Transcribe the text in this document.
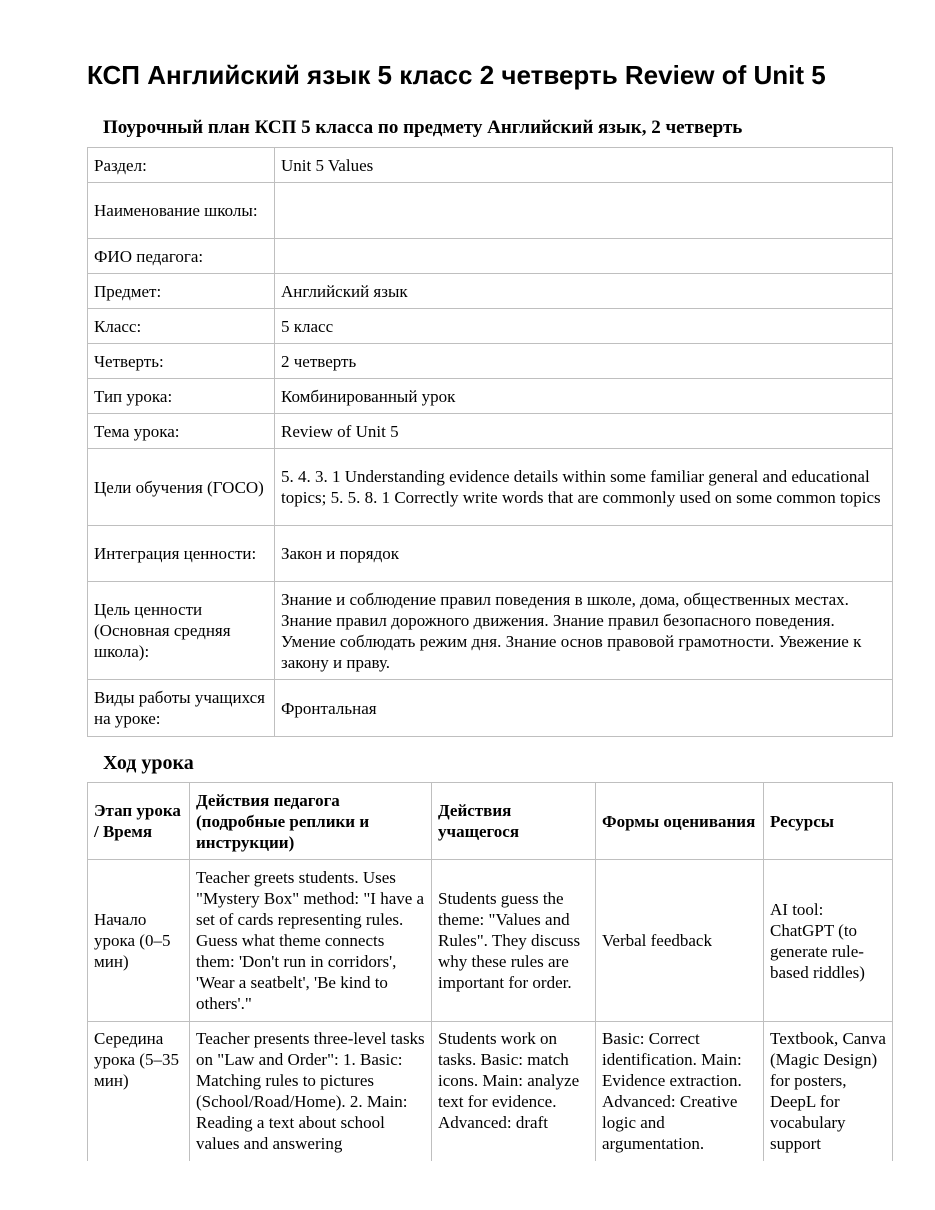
КСП Английский язык 5 класс 2 четверть Review of Unit 5
Поурочный план КСП 5 класса по предмету Английский язык, 2 четверть
Раздел:	Unit 5 Values
Наименование школы:	
ФИО педагога:	
Предмет:	Английский язык
Класс:	5 класс
Четверть:	2 четверть
Тип урока:	Комбинированный урок
Тема урока:	Review of Unit 5
Цели обучения (ГОСО)	5. 4. 3. 1 Understanding evidence details within some familiar general and educational topics; 5. 5. 8. 1 Correctly write words that are commonly used on some common topics
Интеграция ценности:	Закон и порядок
Цель ценности (Основная средняя школа):	Знание и соблюдение правил поведения в школе, дома, общественных местах. Знание правил дорожного движения. Знание правил безопасного поведения. Умение соблюдать режим дня. Знание основ правовой грамотности. Увежение к закону и праву.
Виды работы учащихся на уроке:	Фронтальная
Ход урока
Этап урока / Время	Действия педагога (подробные реплики и инструкции)	Действия учащегося	Формы оценивания	Ресурсы
Начало урока (0–5 мин)	Teacher greets students. Uses "Mystery Box" method: "I have a set of cards representing rules. Guess what theme connects them: 'Don't run in corridors', 'Wear a seatbelt', 'Be kind to others'."	Students guess the theme: "Values and Rules". They discuss why these rules are important for order.	Verbal feedback	AI tool: ChatGPT (to generate rule-based riddles)
Середина урока (5–35 мин)	Teacher presents three-level tasks on "Law and Order": 1. Basic: Matching rules to pictures (School/Road/Home). 2. Main: Reading a text about school values and answering	Students work on tasks. Basic: match icons. Main: analyze text for evidence. Advanced: draft	Basic: Correct identification. Main: Evidence extraction. Advanced: Creative logic and argumentation.	Textbook, Canva (Magic Design) for posters, DeepL for vocabulary support
